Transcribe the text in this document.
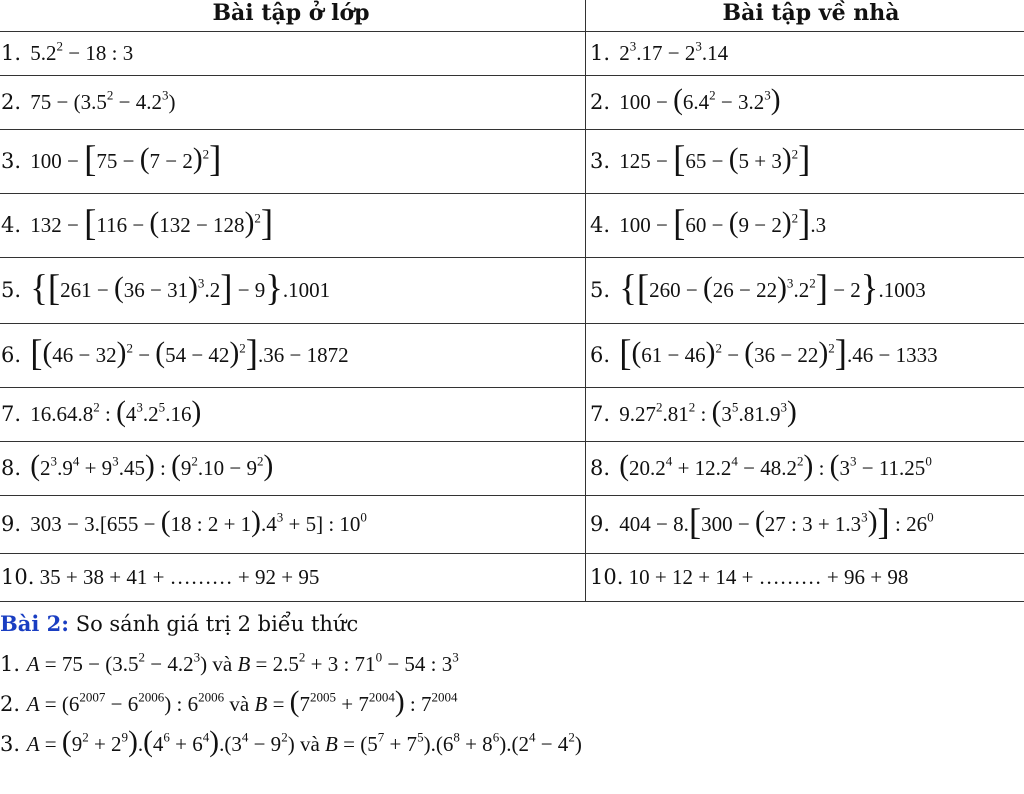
Bài tập ở lớp	Bài tập về nhà
1. $5.2^2 - 18$ : 3	1. $2^3.17 - 2^3.14$
2. $75 - (3.5^2 - 4.2^3)$	2. $100 - (6.4^2 - 3.2^3)$
3. $100 - [75 - (7 - 2)^2]$	3. $125 - [65 - (5 + 3)^2]$
4. $132 - [116 - (132 - 128)^2]$	4. $100 - [60 - (9 - 2)^2].3$
5. $\{[261 - (36 - 31)^3.2] - 9\}.1001$	5. $\{[260 - (26 - 22)^3.2^2] - 2\}.1003$
6. $[(46 - 32)^2 - (54 - 42)^2].36 - 1872$	6. $[(61 - 46)^2 - (36 - 22)^2].46 - 1333$
7. 16.64.8$^2$ : $(4^3.2^5.16)$	7. $9.27^2.81^2$ : $(3^5.81.9^3)$
8. $(2^3.9^4 + 9^3.45)$ : $(9^2.10 - 9^2)$	8. $(20.2^4 + 12.2^4 - 48.2^2)$ : ($3^3 - 11.25^0$
9. 303 − 3.[655 − (18 : $2 + 1).4^3 + 5$] : $10^0$	9. 404 − 8.[300 − (27 : $3 + 1.3^3$)] : $26^0$
10. 35 + 38 + 41 + ……… + 92 + 95	10. 10 + 12 + 14 + ……… + 96 + 98
Bài 2: So sánh giá trị 2 biểu thức
1. $A = 75 - (3.5^2 - 4.2^3)$ và $B = 2.5^2 + 3$ : $71^0 - 54$ : $3^3$
2. $A = (6^{2007} - 6^{2006})$ : $6^{2006}$ và $B = (7^{2005} + 7^{2004})$ : $7^{2004}$
3. $A = (9^2 + 2^9).(4^6 + 6^4).(3^4 - 9^2)$ và $B = (5^7 + 7^5).(6^8 + 8^6).(2^4 - 4^2)$
